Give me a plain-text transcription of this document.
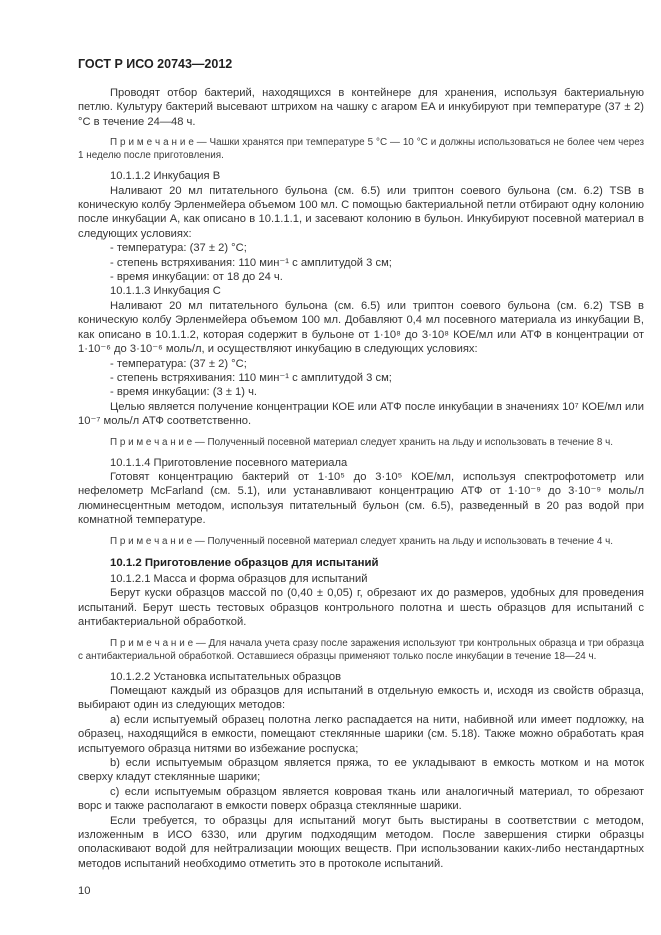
ГОСТ Р ИСО 20743—2012

Проводят отбор бактерий, находящихся в контейнере для хранения, используя бактериальную петлю. Культуру бактерий высевают штрихом на чашку с агаром EA и инкубируют при температуре (37 ± 2) °C в течение 24—48 ч.

П р и м е ч а н и е — Чашки хранятся при температуре 5 °C — 10 °C и должны использоваться не более чем через 1 неделю после приготовления.

10.1.1.2 Инкубация B

Наливают 20 мл питательного бульона (см. 6.5) или триптон соевого бульона (см. 6.2) TSB в коническую колбу Эрленмейера объемом 100 мл. С помощью бактериальной петли отбирают одну колонию после инкубации A, как описано в 10.1.1.1, и засевают колонию в бульон. Инкубируют посевной материал в следующих условиях:

- температура: (37 ± 2) °C;

- степень встряхивания: 110 мин⁻¹ с амплитудой 3 см;

- время инкубации: от 18 до 24 ч.

10.1.1.3 Инкубация C

Наливают 20 мл питательного бульона (см. 6.5) или триптон соевого бульона (см. 6.2) TSB в коническую колбу Эрленмейера объемом 100 мл. Добавляют 0,4 мл посевного материала из инкубации B, как описано в 10.1.1.2, которая содержит в бульоне от 1·10⁸ до 3·10⁸ КОЕ/мл или АТФ в концентрации от 1·10⁻⁶ до 3·10⁻⁶ моль/л, и осуществляют инкубацию в следующих условиях:

- температура: (37 ± 2) °C;

- степень встряхивания: 110 мин⁻¹ с амплитудой 3 см;

- время инкубации: (3 ± 1) ч.

Целью является получение концентрации КОЕ или АТФ после инкубации в значениях 10⁷ КОЕ/мл или 10⁻⁷ моль/л АТФ соответственно.

П р и м е ч а н и е — Полученный посевной материал следует хранить на льду и использовать в течение 8 ч.

10.1.1.4 Приготовление посевного материала

Готовят концентрацию бактерий от 1·10⁵ до 3·10⁵ КОЕ/мл, используя спектрофотометр или нефелометр McFarland (см. 5.1), или устанавливают концентрацию АТФ от 1·10⁻⁹ до 3·10⁻⁹ моль/л люминесцентным методом, используя питательный бульон (см. 6.5), разведенный в 20 раз водой при комнатной температуре.

П р и м е ч а н и е — Полученный посевной материал следует хранить на льду и использовать в течение 4 ч.

10.1.2 Приготовление образцов для испытаний

10.1.2.1 Масса и форма образцов для испытаний

Берут куски образцов массой по (0,40 ± 0,05) г, обрезают их до размеров, удобных для проведения испытаний. Берут шесть тестовых образцов контрольного полотна и шесть образцов для испытаний с антибактериальной обработкой.

П р и м е ч а н и е — Для начала учета сразу после заражения используют три контрольных образца и три образца с антибактериальной обработкой. Оставшиеся образцы применяют только после инкубации в течение 18—24 ч.

10.1.2.2 Установка испытательных образцов

Помещают каждый из образцов для испытаний в отдельную емкость и, исходя из свойств образца, выбирают один из следующих методов:

a) если испытуемый образец полотна легко распадается на нити, набивной или имеет подложку, на образец, находящийся в емкости, помещают стеклянные шарики (см. 5.18). Также можно обработать края испытуемого образца нитями во избежание роспуска;

b) если испытуемым образцом является пряжа, то ее укладывают в емкость мотком и на моток сверху кладут стеклянные шарики;

c) если испытуемым образцом является ковровая ткань или аналогичный материал, то обрезают ворс и также располагают в емкости поверх образца стеклянные шарики.

Если требуется, то образцы для испытаний могут быть выстираны в соответствии с методом, изложенным в ИСО 6330, или другим подходящим методом. После завершения стирки образцы ополаскивают водой для нейтрализации моющих веществ. При использовании каких-либо нестандартных методов испытаний необходимо отметить это в протоколе испытаний.

10
